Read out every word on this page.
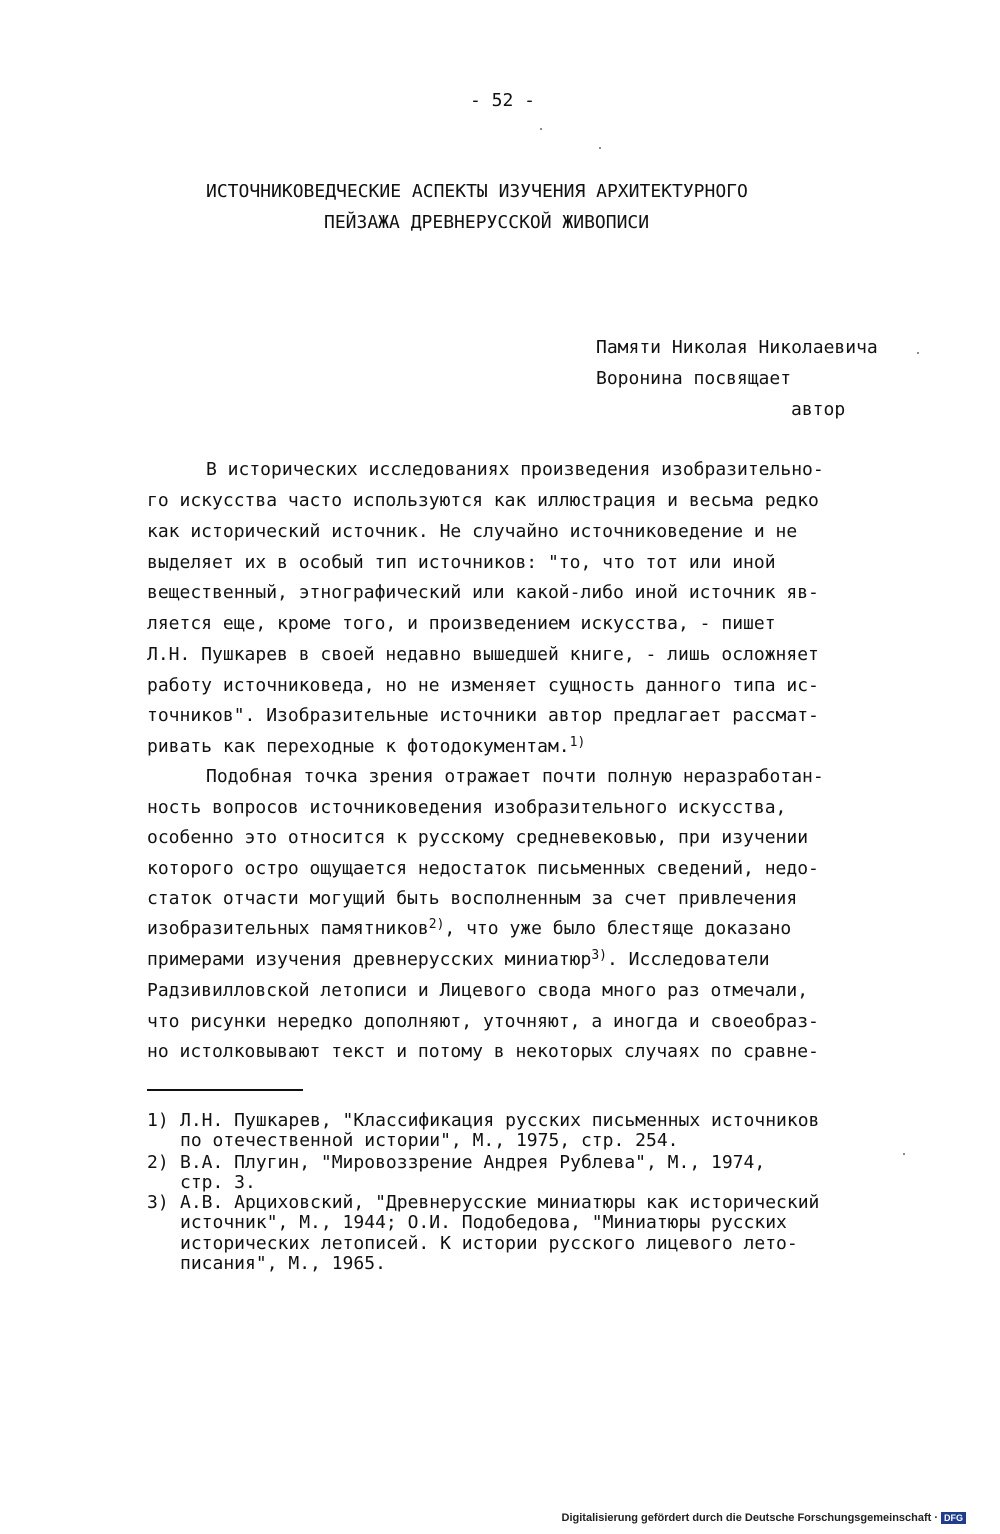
- 52 -
ИСТОЧНИКОВЕДЧЕСКИЕ АСПЕКТЫ ИЗУЧЕНИЯ АРХИТЕКТУРНОГО
ПЕЙЗАЖА ДРЕВНЕРУССКОЙ ЖИВОПИСИ
Памяти Николая Николаевича
Воронина посвящает
автор
В исторических исследованиях произведения изобразительно-
го искусства часто используются как иллюстрация и весьма редко
как исторический источник. Не случайно источниковедение и не
выделяет их в особый тип источников: "то, что тот или иной
вещественный, этнографический или какой-либо иной источник яв-
ляется еще, кроме того, и произведением искусства, - пишет
Л.Н. Пушкарев в своей недавно вышедшей книге, - лишь осложняет
работу источниковеда, но не изменяет сущность данного типа ис-
точников". Изобразительные источники автор предлагает рассмат-
ривать как переходные к фотодокументам.$^{1)}$
Подобная точка зрения отражает почти полную неразработан-
ность вопросов источниковедения изобразительного искусства,
особенно это относится к русскому средневековью, при изучении
которого остро ощущается недостаток письменных сведений, недо-
статок отчасти могущий быть восполненным за счет привлечения
изобразительных памятников$^{2)}$, что уже было блестяще доказано
примерами изучения древнерусских миниатюр$^{3)}$. Исследователи
Радзивилловской летописи и Лицевого свода много раз отмечали,
что рисунки нередко дополняют, уточняют, а иногда и своеобраз-
но истолковывают текст и потому в некоторых случаях по сравне-
1) Л.Н. Пушкарев, "Классификация русских письменных источников
по отечественной истории", М., 1975, стр. 254.
2) В.А. Плугин, "Мировоззрение Андрея Рублева", М., 1974,
стр. 3.
3) А.В. Арциховский, "Древнерусские миниатюры как исторический
источник", М., 1944; О.И. Подобедова, "Миниатюры русских
исторических летописей. К истории русского лицевого лето-
писания", М., 1965.
Digitalisierung gefördert durch die Deutsche Forschungsgemeinschaft · DFG
